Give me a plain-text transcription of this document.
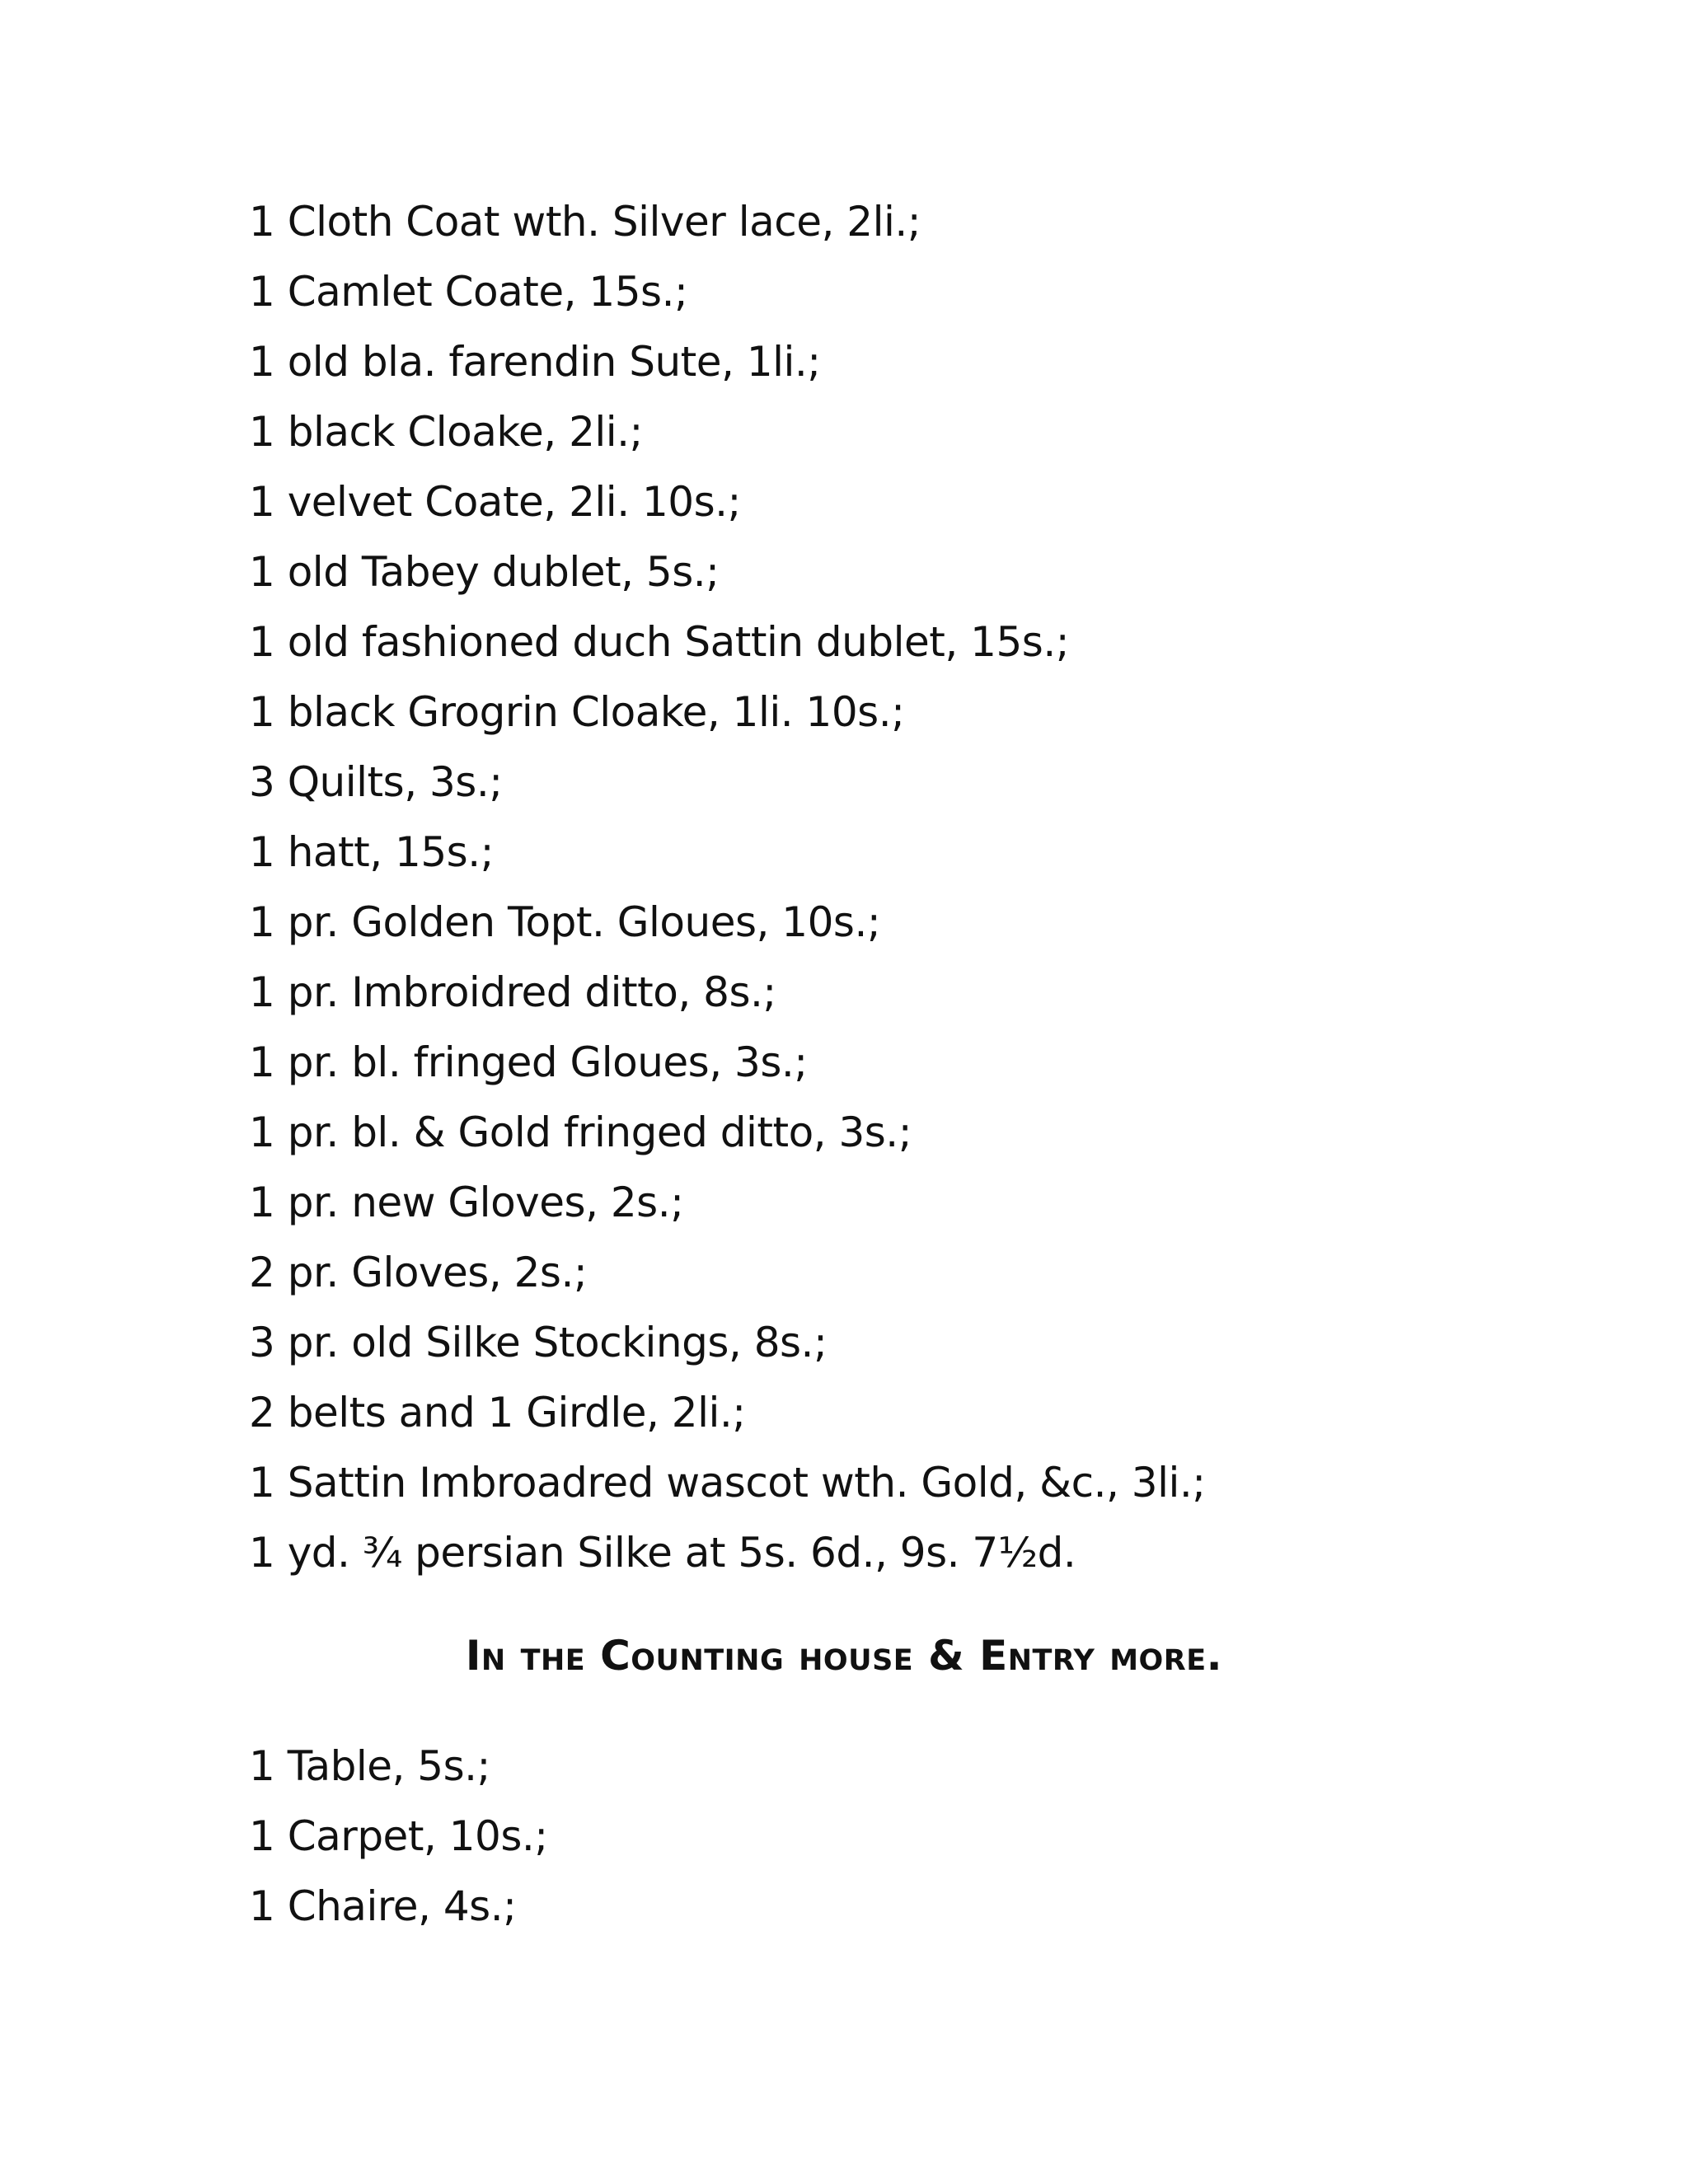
1 Cloth Coat wth. Silver lace, 2li.;
1 Camlet Coate, 15s.;
1 old bla. farendin Sute, 1li.;
1 black Cloake, 2li.;
1 velvet Coate, 2li. 10s.;
1 old Tabey dublet, 5s.;
1 old fashioned duch Sattin dublet, 15s.;
1 black Grogrin Cloake, 1li. 10s.;
3 Quilts, 3s.;
1 hatt, 15s.;
1 pr. Golden Topt. Gloues, 10s.;
1 pr. Imbroidred ditto, 8s.;
1 pr. bl. fringed Gloues, 3s.;
1 pr. bl. & Gold fringed ditto, 3s.;
1 pr. new Gloves, 2s.;
2 pr. Gloves, 2s.;
3 pr. old Silke Stockings, 8s.;
2 belts and 1 Girdle, 2li.;
1 Sattin Imbroadred wascot wth. Gold, &c., 3li.;
1 yd. ¾ persian Silke at 5s. 6d., 9s. 7½d.
In the Counting house & Entry more.
1 Table, 5s.;
1 Carpet, 10s.;
1 Chaire, 4s.;
